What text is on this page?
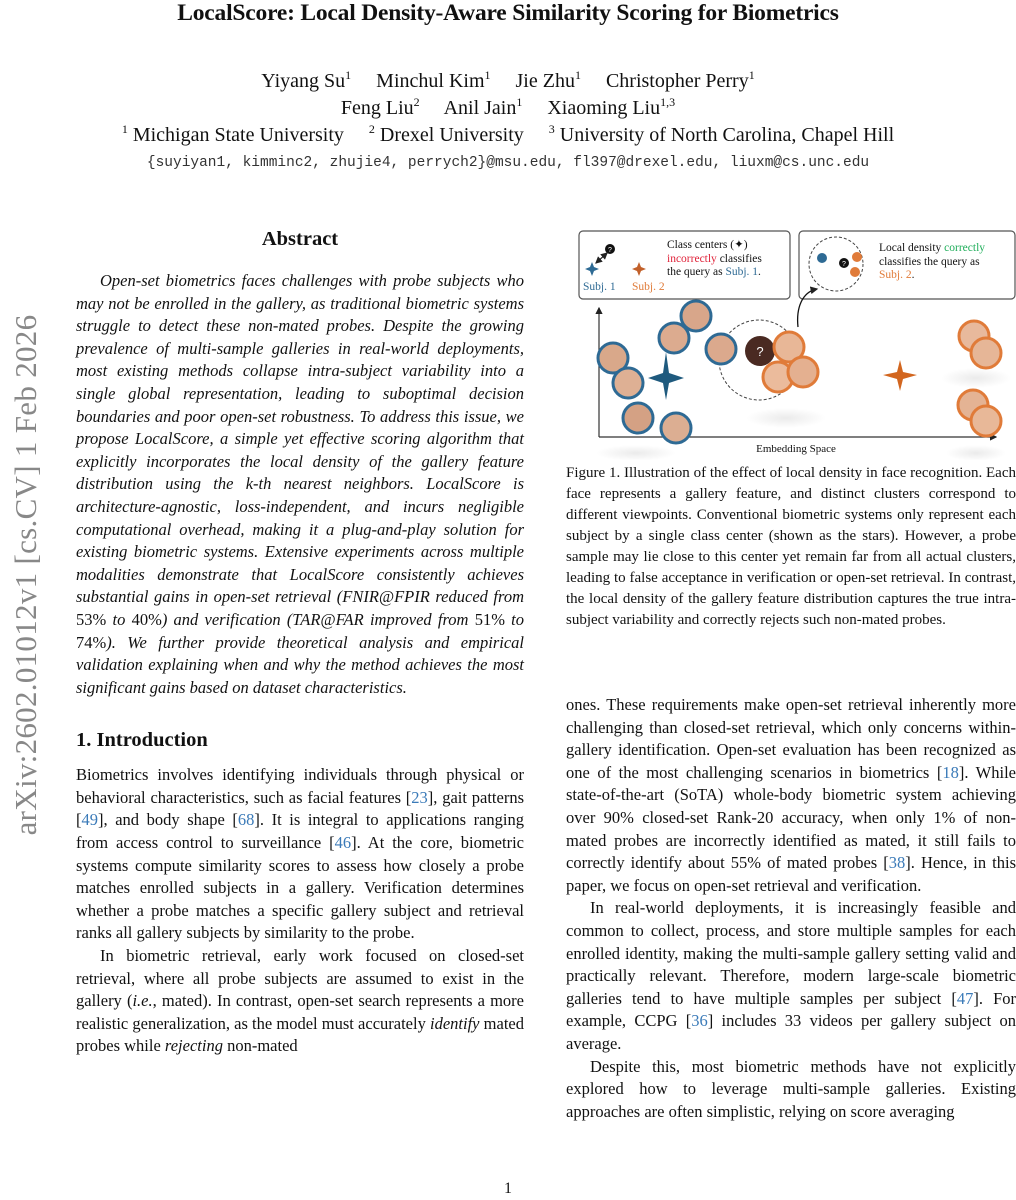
LocalScore: Local Density-Aware Similarity Scoring for Biometrics
Yiyang Su$^1$ Minchul Kim$^1$ Jie Zhu$^1$ Christopher Perry$^1$
Feng Liu$^2$ Anil Jain$^1$ Xiaoming Liu$^{1,3}$
$^1$ Michigan State University $^2$ Drexel University $^3$ University of North Carolina, Chapel Hill
{suyiyan1, kimminc2, zhujie4, perrych2}@msu.edu, fl397@drexel.edu, liuxm@cs.unc.edu
arXiv:2602.01012v1 [cs.CV] 1 Feb 2026
Abstract

Open-set biometrics faces challenges with probe subjects who may not be enrolled in the gallery, as traditional biometric systems struggle to detect these non-mated probes. Despite the growing prevalence of multi-sample galleries in real-world deployments, most existing methods collapse intra-subject variability into a single global representation, leading to suboptimal decision boundaries and poor open-set robustness. To address this issue, we propose LocalScore, a simple yet effective scoring algorithm that explicitly incorporates the local density of the gallery feature distribution using the k-th nearest neighbors. LocalScore is architecture-agnostic, loss-independent, and incurs negligible computational overhead, making it a plug-and-play solution for existing biometric systems. Extensive experiments across multiple modalities demonstrate that LocalScore consistently achieves substantial gains in open-set retrieval (FNIR@FPIR reduced from 53% to 40%) and verification (TAR@FAR improved from 51% to 74%). We further provide theoretical analysis and empirical validation explaining when and why the method achieves the most significant gains based on dataset characteristics.

1. Introduction

Biometrics involves identifying individuals through physical or behavioral characteristics, such as facial features [23], gait patterns [49], and body shape [68]. It is integral to applications ranging from access control to surveillance [46]. At the core, biometric systems compute similarity scores to assess how closely a probe matches enrolled subjects in a gallery. Verification determines whether a probe matches a specific gallery subject and retrieval ranks all gallery subjects by similarity to the probe.

In biometric retrieval, early work focused on closed-set retrieval, where all probe subjects are assumed to exist in the gallery (i.e., mated). In contrast, open-set search represents a more realistic generalization, as the model must accurately identify mated probes while rejecting non-mated

?
?
?
Class centers (✦)
incorrectly classifies
the query as Subj. 1.
Subj. 1 Subj. 2
Local density correctly
classifies the query as
Subj. 2.
Embedding Space

Figure 1. Illustration of the effect of local density in face recognition. Each face represents a gallery feature, and distinct clusters correspond to different viewpoints. Conventional biometric systems only represent each subject by a single class center (shown as the stars). However, a probe sample may lie close to this center yet remain far from all actual clusters, leading to false acceptance in verification or open-set retrieval. In contrast, the local density of the gallery feature distribution captures the true intra-subject variability and correctly rejects such non-mated probes.

ones. These requirements make open-set retrieval inherently more challenging than closed-set retrieval, which only concerns within-gallery identification. Open-set evaluation has been recognized as one of the most challenging scenarios in biometrics [18]. While state-of-the-art (SoTA) whole-body biometric system achieving over 90% closed-set Rank-20 accuracy, when only 1% of non-mated probes are incorrectly identified as mated, it still fails to correctly identify about 55% of mated probes [38]. Hence, in this paper, we focus on open-set retrieval and verification.

In real-world deployments, it is increasingly feasible and common to collect, process, and store multiple samples for each enrolled identity, making the multi-sample gallery setting valid and practically relevant. Therefore, modern large-scale biometric galleries tend to have multiple samples per subject [47]. For example, CCPG [36] includes 33 videos per gallery subject on average.

Despite this, most biometric methods have not explicitly explored how to leverage multi-sample galleries. Existing approaches are often simplistic, relying on score averaging

1
